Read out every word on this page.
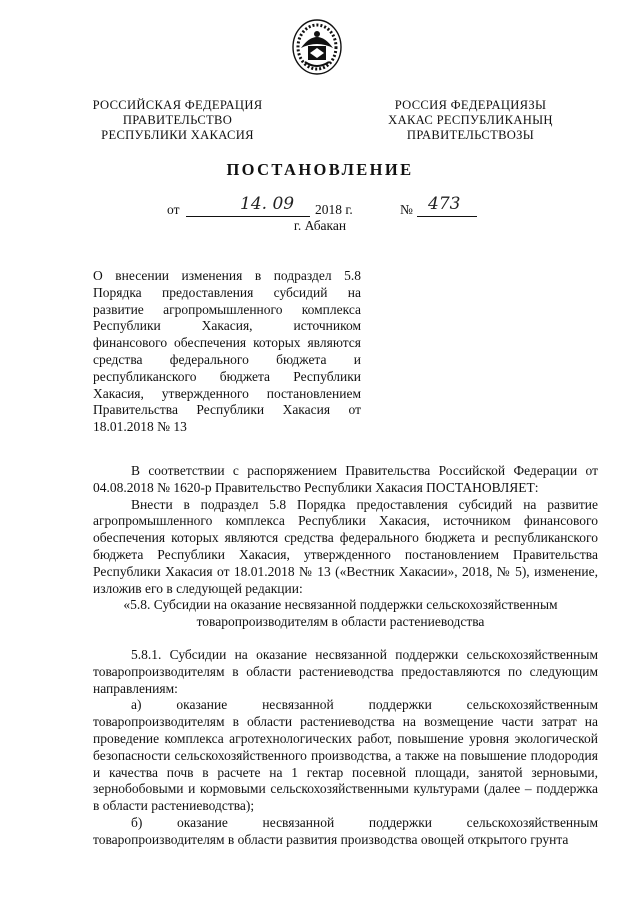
РОССИЙСКАЯ ФЕДЕРАЦИЯ
ПРАВИТЕЛЬСТВО
РЕСПУБЛИКИ ХАКАСИЯ
РОССИЯ ФЕДЕРАЦИЯЗЫ
ХАКАС РЕСПУБЛИКАНЫҢ
ПРАВИТЕЛЬСТВОЗЫ
ПОСТАНОВЛЕНИЕ
от	14. 09 2018 г.	№ 473
г. Абакан
О внесении изменения в подраздел 5.8 Порядка предоставления субсидий на развитие агропромышленного комплекса Республики Хакасия, источником финансового обеспечения которых являются средства федерального бюджета и республиканского бюджета Республики Хакасия, утвержденного постановлением Правительства Республики Хакасия от 18.01.2018 № 13

В соответствии с распоряжением Правительства Российской Федерации от 04.08.2018 № 1620-р Правительство Республики Хакасия ПОСТАНОВЛЯЕТ:

Внести в подраздел 5.8 Порядка предоставления субсидий на развитие агропромышленного комплекса Республики Хакасия, источником финансового обеспечения которых являются средства федерального бюджета и республиканского бюджета Республики Хакасия, утвержденного постановлением Правительства Республики Хакасия от 18.01.2018 № 13 («Вестник Хакасии», 2018, № 5), изменение, изложив его в следующей редакции:

«5.8. Субсидии на оказание несвязанной поддержки сельскохозяйственным товаропроизводителям в области растениеводства

5.8.1. Субсидии на оказание несвязанной поддержки сельскохозяйственным товаропроизводителям в области растениеводства предоставляются по следующим направлениям:

а) оказание несвязанной поддержки сельскохозяйственным товаропроизводителям в области растениеводства на возмещение части затрат на проведение комплекса агротехнологических работ, повышение уровня экологической безопасности сельскохозяйственного производства, а также на повышение плодородия и качества почв в расчете на 1 гектар посевной площади, занятой зерновыми, зернобобовыми и кормовыми сельскохозяйственными культурами (далее – поддержка в области растениеводства);

б) оказание несвязанной поддержки сельскохозяйственным товаропроизводителям в области развития производства овощей открытого грунта
